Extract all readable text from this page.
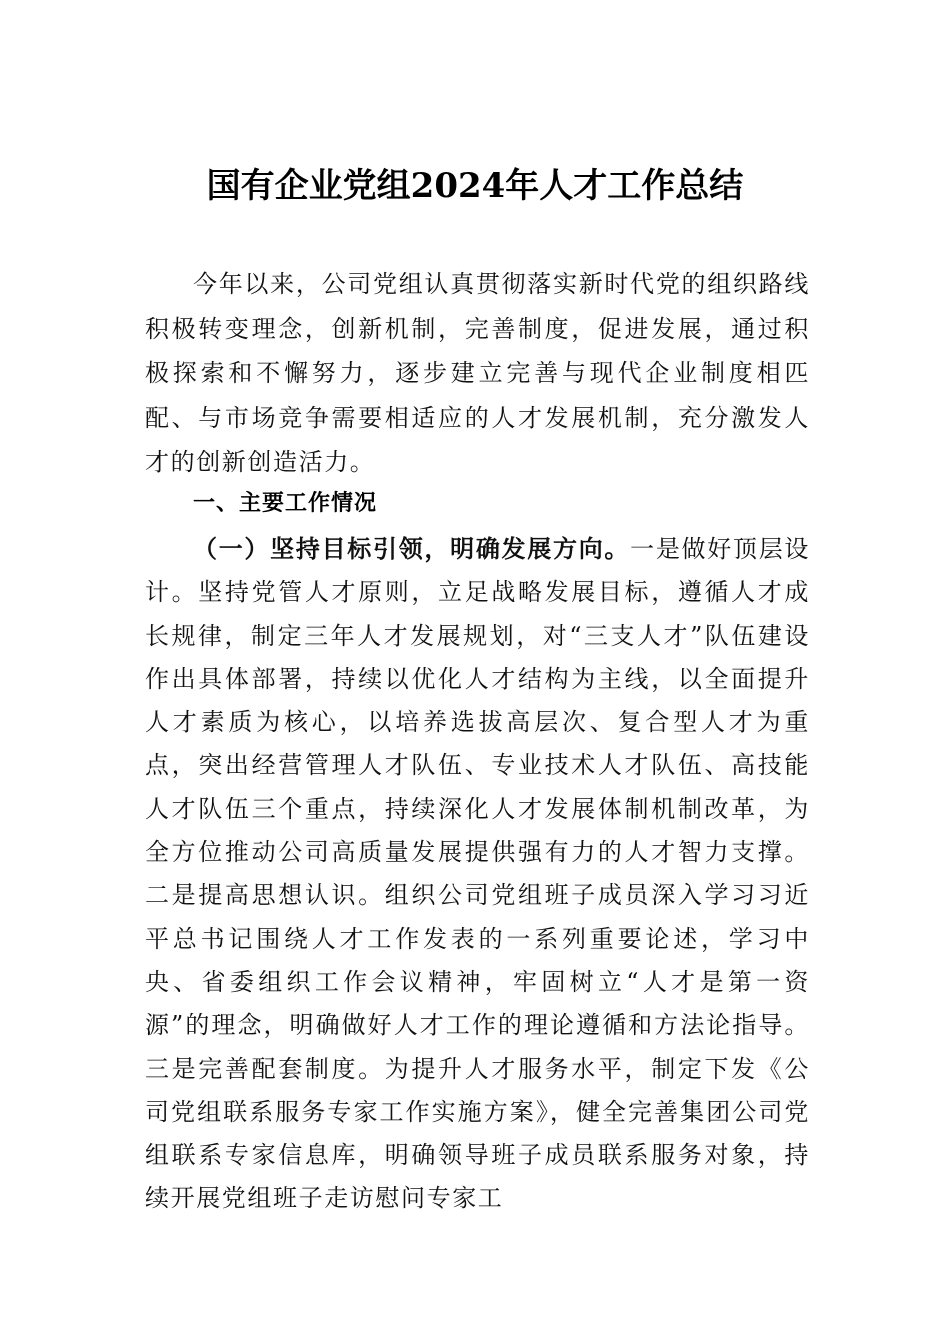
国有企业党组2024年人才工作总结

今年以来，公司党组认真贯彻落实新时代党的组织路线积极转变理念，创新机制，完善制度，促进发展，通过积极探索和不懈努力，逐步建立完善与现代企业制度相匹配、与市场竞争需要相适应的人才发展机制，充分激发人才的创新创造活力。

一、主要工作情况

（一）坚持目标引领，明确发展方向。一是做好顶层设计。坚持党管人才原则，立足战略发展目标，遵循人才成长规律，制定三年人才发展规划，对“三支人才”队伍建设作出具体部署，持续以优化人才结构为主线，以全面提升人才素质为核心，以培养选拔高层次、复合型人才为重点，突出经营管理人才队伍、专业技术人才队伍、高技能人才队伍三个重点，持续深化人才发展体制机制改革，为全方位推动公司高质量发展提供强有力的人才智力支撑。二是提高思想认识。组织公司党组班子成员深入学习习近平总书记围绕人才工作发表的一系列重要论述，学习中央、省委组织工作会议精神，牢固树立“人才是第一资源”的理念，明确做好人才工作的理论遵循和方法论指导。三是完善配套制度。为提升人才服务水平，制定下发《公司党组联系服务专家工作实施方案》，健全完善集团公司党组联系专家信息库，明确领导班子成员联系服务对象，持续开展党组班子走访慰问专家工
